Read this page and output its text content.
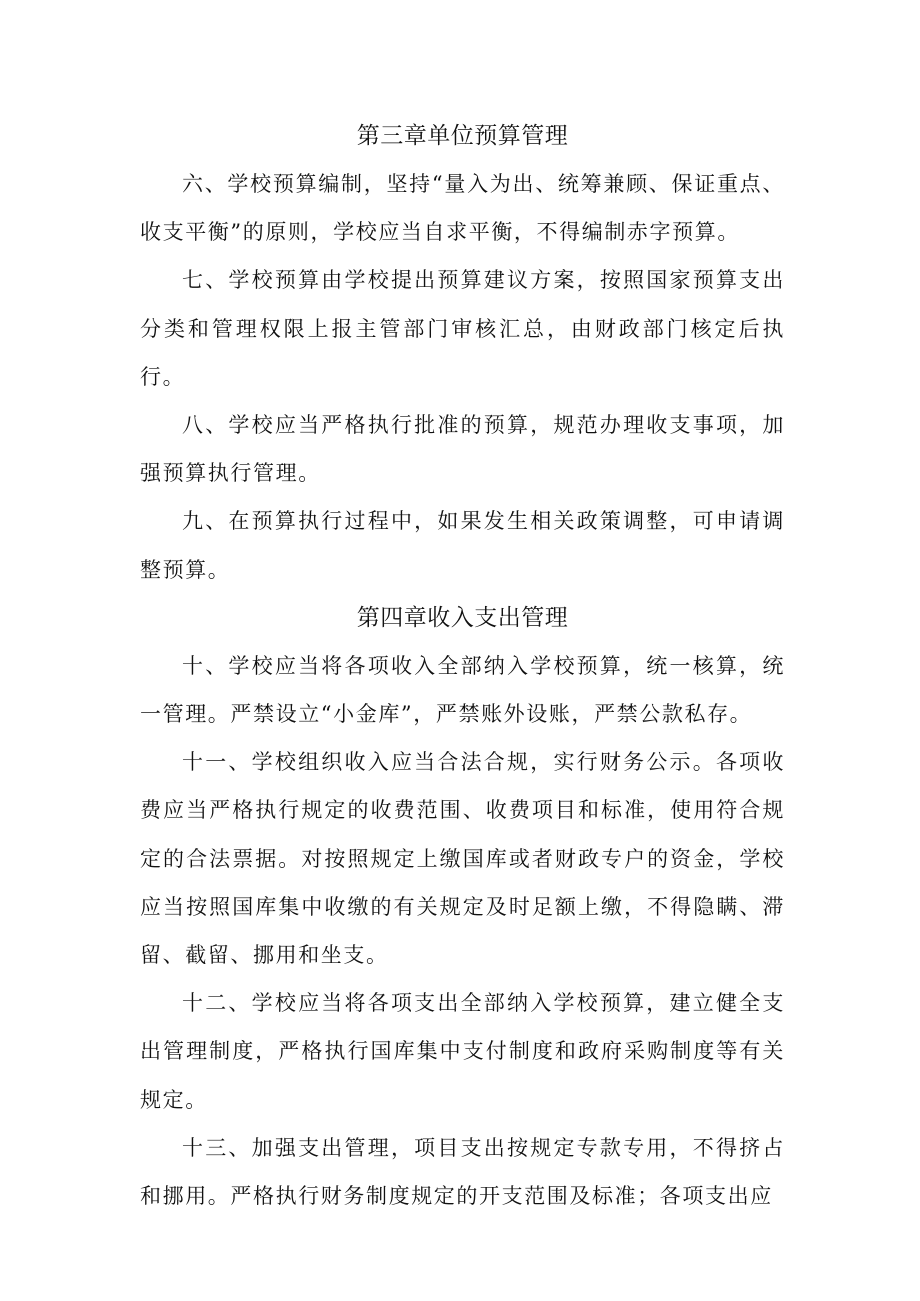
第三章单位预算管理

六、学校预算编制，坚持“量入为出、统筹兼顾、保证重点、收支平衡”的原则，学校应当自求平衡，不得编制赤字预算。

七、学校预算由学校提出预算建议方案，按照国家预算支出分类和管理权限上报主管部门审核汇总，由财政部门核定后执行。

八、学校应当严格执行批准的预算，规范办理收支事项，加强预算执行管理。

九、在预算执行过程中，如果发生相关政策调整，可申请调整预算。

第四章收入支出管理

十、学校应当将各项收入全部纳入学校预算，统一核算，统一管理。严禁设立“小金库”，严禁账外设账，严禁公款私存。

十一、学校组织收入应当合法合规，实行财务公示。各项收费应当严格执行规定的收费范围、收费项目和标准，使用符合规定的合法票据。对按照规定上缴国库或者财政专户的资金，学校应当按照国库集中收缴的有关规定及时足额上缴，不得隐瞒、滞留、截留、挪用和坐支。

十二、学校应当将各项支出全部纳入学校预算，建立健全支出管理制度，严格执行国库集中支付制度和政府采购制度等有关规定。

十三、加强支出管理，项目支出按规定专款专用，不得挤占和挪用。严格执行财务制度规定的开支范围及标准；各项支出应
